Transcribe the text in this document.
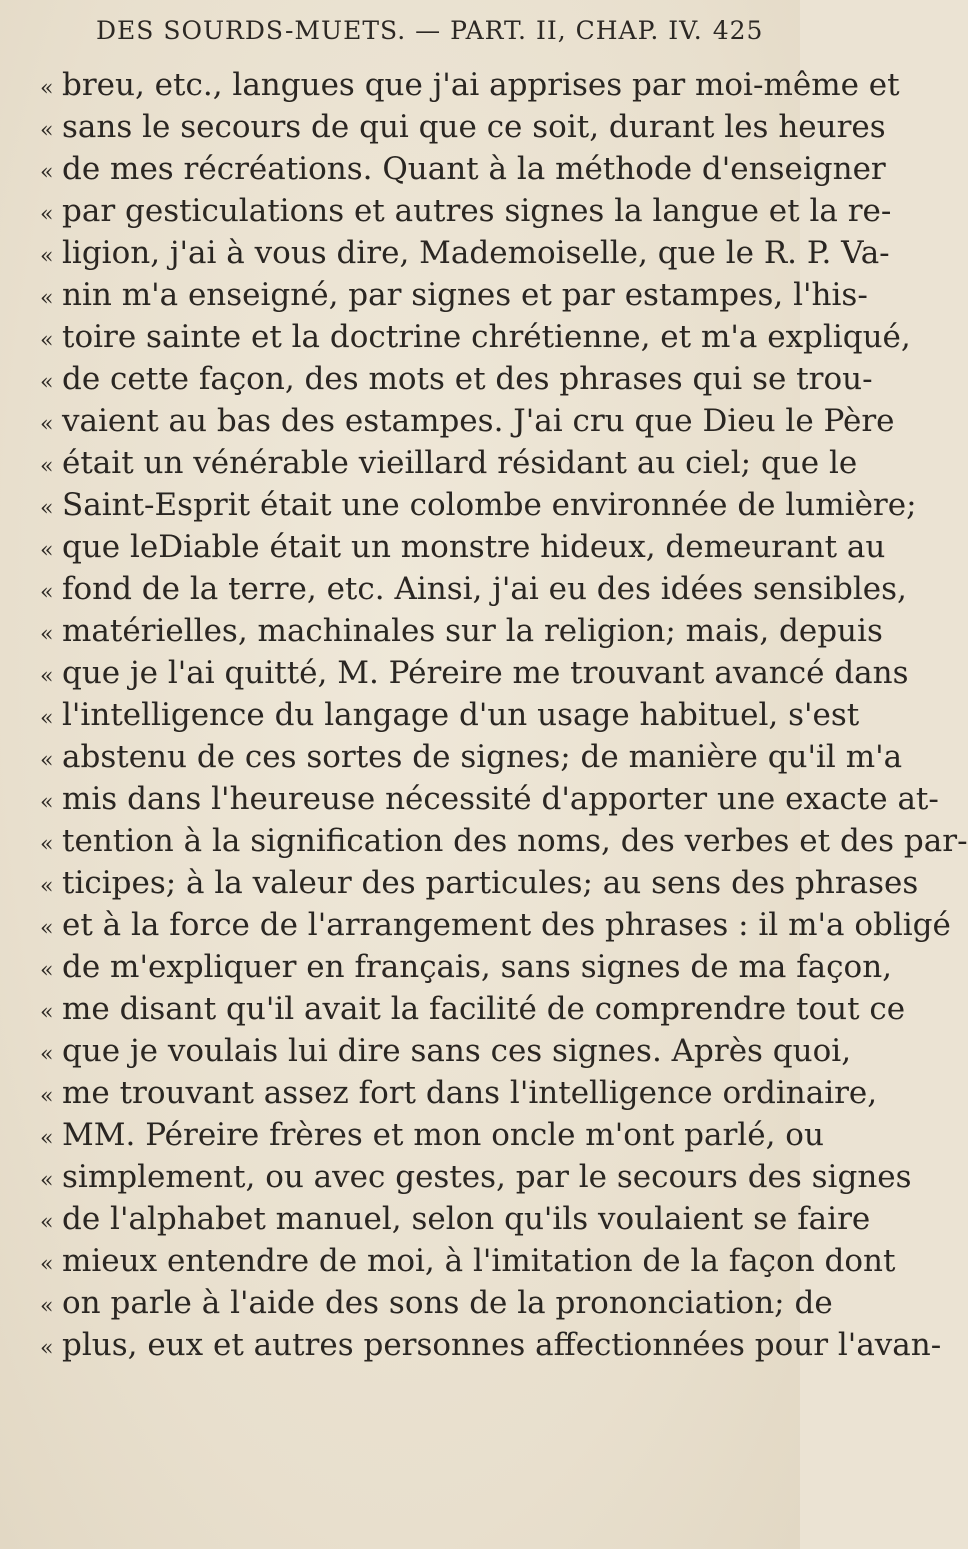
DES SOURDS-MUETS. — PART. II, CHAP. IV. 425
« breu, etc., langues que j'ai apprises par moi-même et
« sans le secours de qui que ce soit, durant les heures
« de mes récréations. Quant à la méthode d'enseigner
« par gesticulations et autres signes la langue et la re-
« ligion, j'ai à vous dire, Mademoiselle, que le R. P. Va-
« nin m'a enseigné, par signes et par estampes, l'his-
« toire sainte et la doctrine chrétienne, et m'a expliqué,
« de cette façon, des mots et des phrases qui se trou-
« vaient au bas des estampes. J'ai cru que Dieu le Père
« était un vénérable vieillard résidant au ciel; que le
« Saint-Esprit était une colombe environnée de lumière;
« que leDiable était un monstre hideux, demeurant au
« fond de la terre, etc. Ainsi, j'ai eu des idées sensibles,
« matérielles, machinales sur la religion; mais, depuis
« que je l'ai quitté, M. Péreire me trouvant avancé dans
« l'intelligence du langage d'un usage habituel, s'est
« abstenu de ces sortes de signes; de manière qu'il m'a
« mis dans l'heureuse nécessité d'apporter une exacte at-
« tention à la signification des noms, des verbes et des par-
« ticipes; à la valeur des particules; au sens des phrases
« et à la force de l'arrangement des phrases : il m'a obligé
« de m'expliquer en français, sans signes de ma façon,
« me disant qu'il avait la facilité de comprendre tout ce
« que je voulais lui dire sans ces signes. Après quoi,
« me trouvant assez fort dans l'intelligence ordinaire,
« MM. Péreire frères et mon oncle m'ont parlé, ou
« simplement, ou avec gestes, par le secours des signes
« de l'alphabet manuel, selon qu'ils voulaient se faire
« mieux entendre de moi, à l'imitation de la façon dont
« on parle à l'aide des sons de la prononciation; de
« plus, eux et autres personnes affectionnées pour l'avan-
